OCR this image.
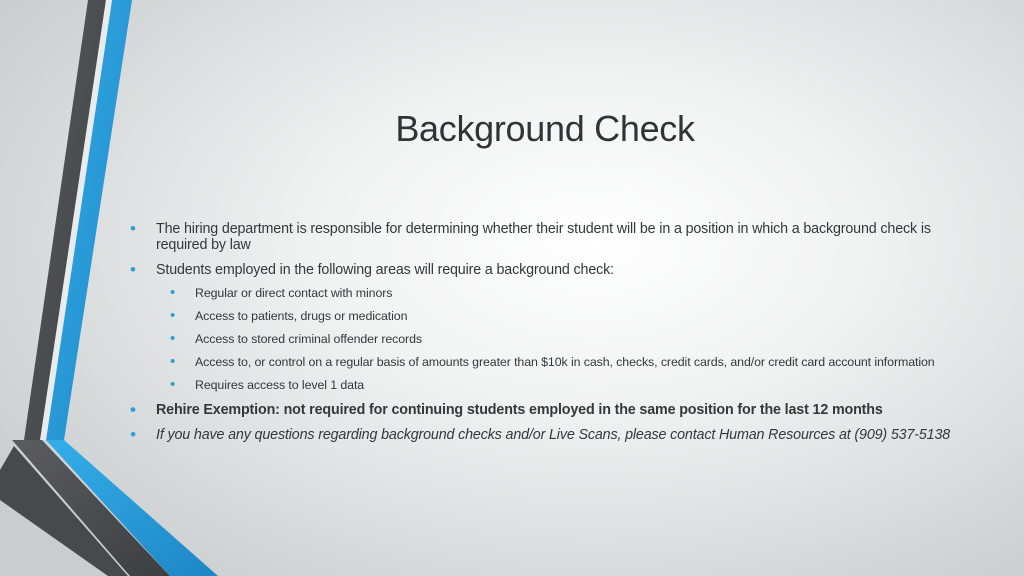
Background Check
• The hiring department is responsible for determining whether their student will be in a position in which a background check is required by law
• Students employed in the following areas will require a background check:
• Regular or direct contact with minors
• Access to patients, drugs or medication
• Access to stored criminal offender records
• Access to, or control on a regular basis of amounts greater than $10k in cash, checks, credit cards, and/or credit card account information
• Requires access to level 1 data
• Rehire Exemption: not required for continuing students employed in the same position for the last 12 months
• If you have any questions regarding background checks and/or Live Scans, please contact Human Resources at (909) 537-5138
